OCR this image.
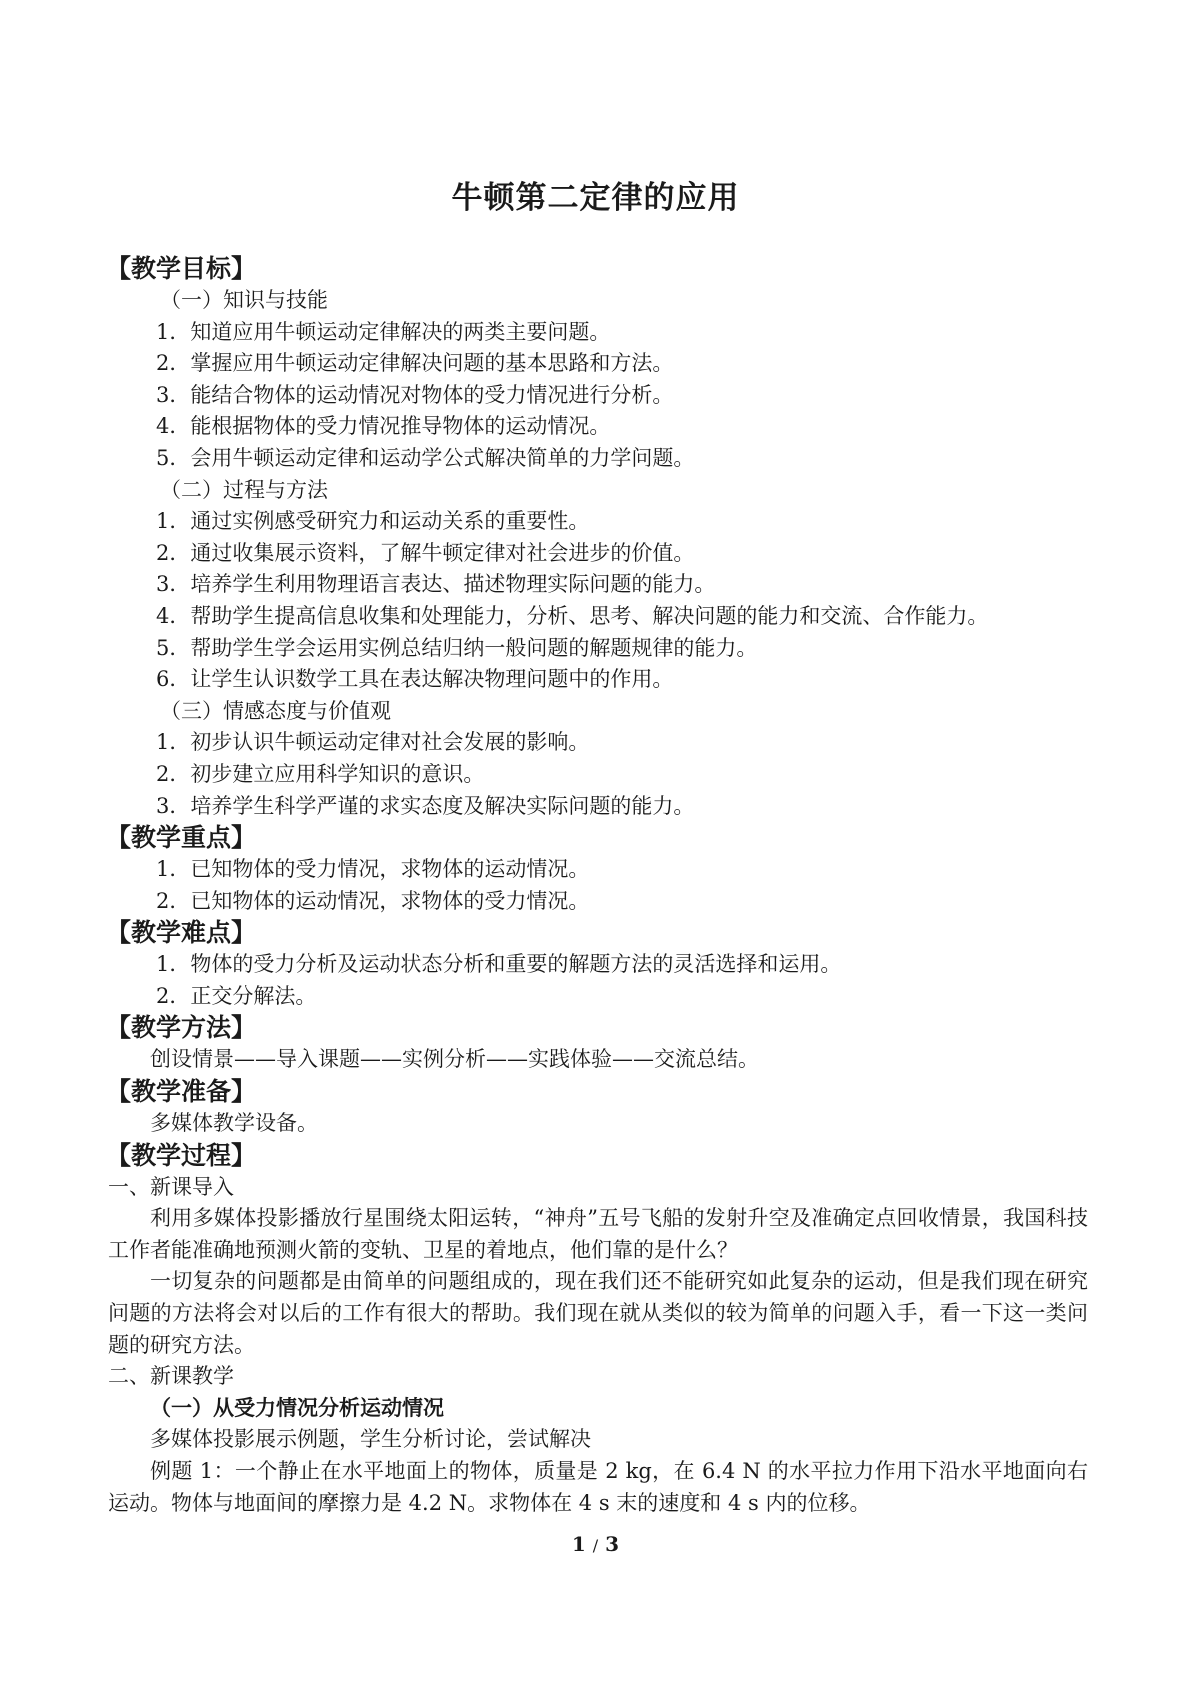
牛顿第二定律的应用
【教学目标】
（一）知识与技能
1．知道应用牛顿运动定律解决的两类主要问题。
2．掌握应用牛顿运动定律解决问题的基本思路和方法。
3．能结合物体的运动情况对物体的受力情况进行分析。
4．能根据物体的受力情况推导物体的运动情况。
5．会用牛顿运动定律和运动学公式解决简单的力学问题。
（二）过程与方法
1．通过实例感受研究力和运动关系的重要性。
2．通过收集展示资料，了解牛顿定律对社会进步的价值。
3．培养学生利用物理语言表达、描述物理实际问题的能力。
4．帮助学生提高信息收集和处理能力，分析、思考、解决问题的能力和交流、合作能力。
5．帮助学生学会运用实例总结归纳一般问题的解题规律的能力。
6．让学生认识数学工具在表达解决物理问题中的作用。
（三）情感态度与价值观
1．初步认识牛顿运动定律对社会发展的影响。
2．初步建立应用科学知识的意识。
3．培养学生科学严谨的求实态度及解决实际问题的能力。
【教学重点】
1．已知物体的受力情况，求物体的运动情况。
2．已知物体的运动情况，求物体的受力情况。
【教学难点】
1．物体的受力分析及运动状态分析和重要的解题方法的灵活选择和运用。
2．正交分解法。
【教学方法】
创设情景——导入课题——实例分析——实践体验——交流总结。
【教学准备】
多媒体教学设备。
【教学过程】
一、新课导入
利用多媒体投影播放行星围绕太阳运转，“神舟”五号飞船的发射升空及准确定点回收情景，我国科技工作者能准确地预测火箭的变轨、卫星的着地点，他们靠的是什么？
一切复杂的问题都是由简单的问题组成的，现在我们还不能研究如此复杂的运动，但是我们现在研究问题的方法将会对以后的工作有很大的帮助。我们现在就从类似的较为简单的问题入手，看一下这一类问题的研究方法。
二、新课教学
（一）从受力情况分析运动情况
多媒体投影展示例题，学生分析讨论，尝试解决
例题 1：一个静止在水平地面上的物体，质量是 2 kg，在 6.4 N 的水平拉力作用下沿水平地面向右运动。物体与地面间的摩擦力是 4.2 N。求物体在 4 s 末的速度和 4 s 内的位移。
1 / 3
